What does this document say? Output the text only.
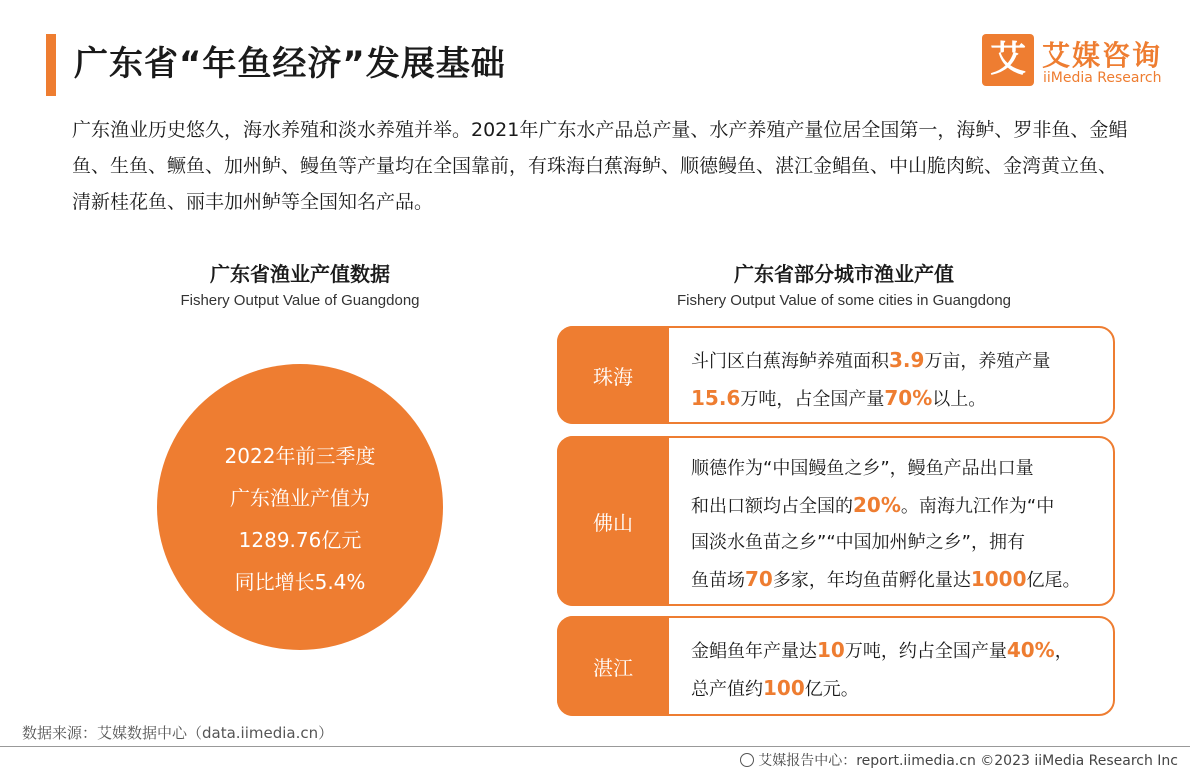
广东省“年鱼经济”发展基础	艾 艾媒咨询
iiMedia Research
广东渔业历史悠久，海水养殖和淡水养殖并举。2021年广东水产品总产量、水产养殖产量位居全国第一，海鲈、罗非鱼、金鲳鱼、生鱼、鳜鱼、加州鲈、鳗鱼等产量均在全国靠前，有珠海白蕉海鲈、顺德鳗鱼、湛江金鲳鱼、中山脆肉鲩、金湾黄立鱼、清新桂花鱼、丽丰加州鲈等全国知名产品。
广东省渔业产值数据
Fishery Output Value of Guangdong
2022年前三季度
广东渔业产值为
1289.76亿元
同比增长5.4%
广东省部分城市渔业产值
Fishery Output Value of some cities in Guangdong
珠海
斗门区白蕉海鲈养殖面积3.9万亩，养殖产量
15.6万吨，占全国产量70%以上。
佛山
顺德作为“中国鳗鱼之乡”，鳗鱼产品出口量
和出口额均占全国的20%。南海九江作为“中
国淡水鱼苗之乡”“中国加州鲈之乡”，拥有
鱼苗场70多家，年均鱼苗孵化量达1000亿尾。
湛江
金鲳鱼年产量达10万吨，约占全国产量40%，
总产值约100亿元。
数据来源：艾媒数据中心（data.iimedia.cn）
艾媒报告中心：report.iimedia.cn ©2023 iiMedia Research Inc
